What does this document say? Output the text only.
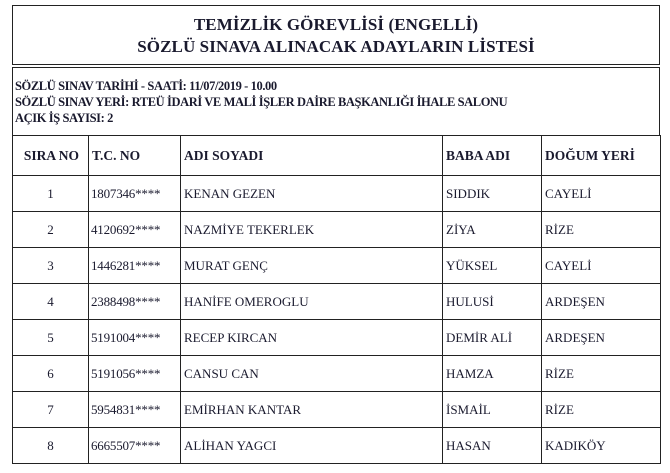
TEMİZLİK GÖREVLİSİ (ENGELLİ)
SÖZLÜ SINAVA ALINACAK ADAYLARIN LİSTESİ
SÖZLÜ SINAV TARİHİ - SAATİ: 11/07/2019 - 10.00
SÖZLÜ SINAV YERİ: RTEÜ İDARİ VE MALİ İŞLER DAİRE BAŞKANLIĞI İHALE SALONU
AÇIK İŞ SAYISI: 2
SIRA NO	T.C. NO	ADI SOYADI	BABA ADI	DOĞUM YERİ
1	1807346****	KENAN GEZEN	SIDDIK	CAYELİ
2	4120692****	NAZMİYE TEKERLEK	ZİYA	RİZE
3	1446281****	MURAT GENÇ	YÜKSEL	CAYELİ
4	2388498****	HANİFE OMEROGLU	HULUSİ	ARDEŞEN
5	5191004****	RECEP KIRCAN	DEMİR ALİ	ARDEŞEN
6	5191056****	CANSU CAN	HAMZA	RİZE
7	5954831****	EMİRHAN KANTAR	İSMAİL	RİZE
8	6665507****	ALİHAN YAGCI	HASAN	KADIKÖY
